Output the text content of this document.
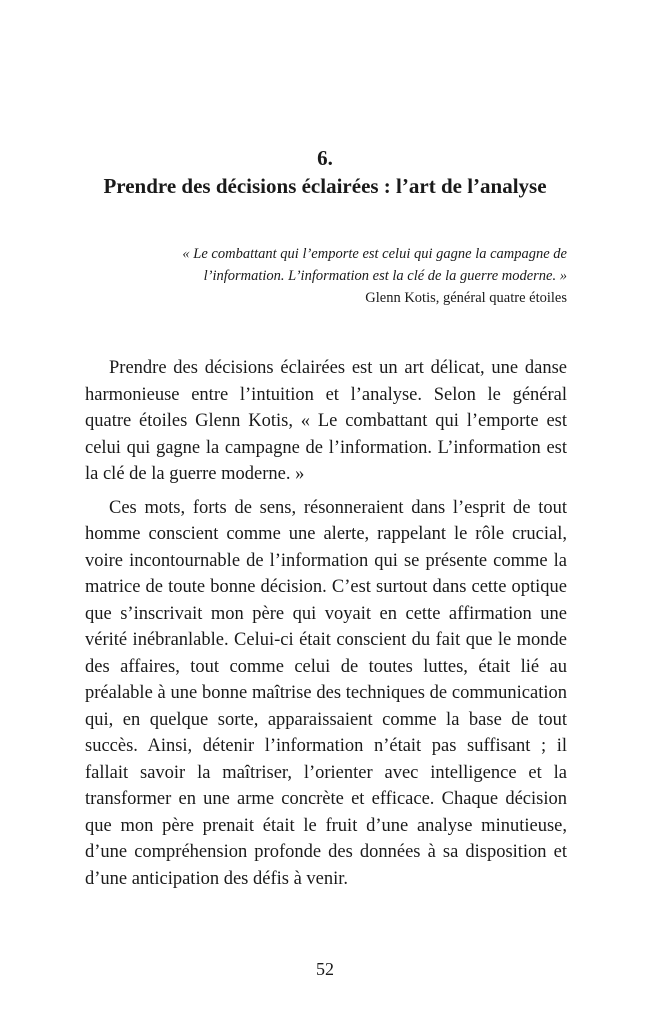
6.
Prendre des décisions éclairées : l’art de l’analyse
« Le combattant qui l’emporte est celui qui gagne la campagne de
l’information. L’information est la clé de la guerre moderne. »
Glenn Kotis, général quatre étoiles

Prendre des décisions éclairées est un art délicat, une danse harmonieuse entre l’intuition et l’analyse. Selon le général quatre étoiles Glenn Kotis, « Le combattant qui l’emporte est celui qui gagne la campagne de l’information. L’information est la clé de la guerre moderne. »

Ces mots, forts de sens, résonneraient dans l’esprit de tout homme conscient comme une alerte, rappelant le rôle crucial, voire incontournable de l’information qui se présente comme la matrice de toute bonne décision. C’est surtout dans cette optique que s’inscrivait mon père qui voyait en cette affirmation une vérité inébranlable. Celui-ci était conscient du fait que le monde des affaires, tout comme celui de toutes luttes, était lié au préalable à une bonne maîtrise des techniques de communication qui, en quelque sorte, apparaissaient comme la base de tout succès. Ainsi, détenir l’information n’était pas suffisant ; il fallait savoir la maîtriser, l’orienter avec intelligence et la transformer en une arme concrète et efficace. Chaque décision que mon père prenait était le fruit d’une analyse minutieuse, d’une compréhension profonde des données à sa disposition et d’une anticipation des défis à venir.

52
